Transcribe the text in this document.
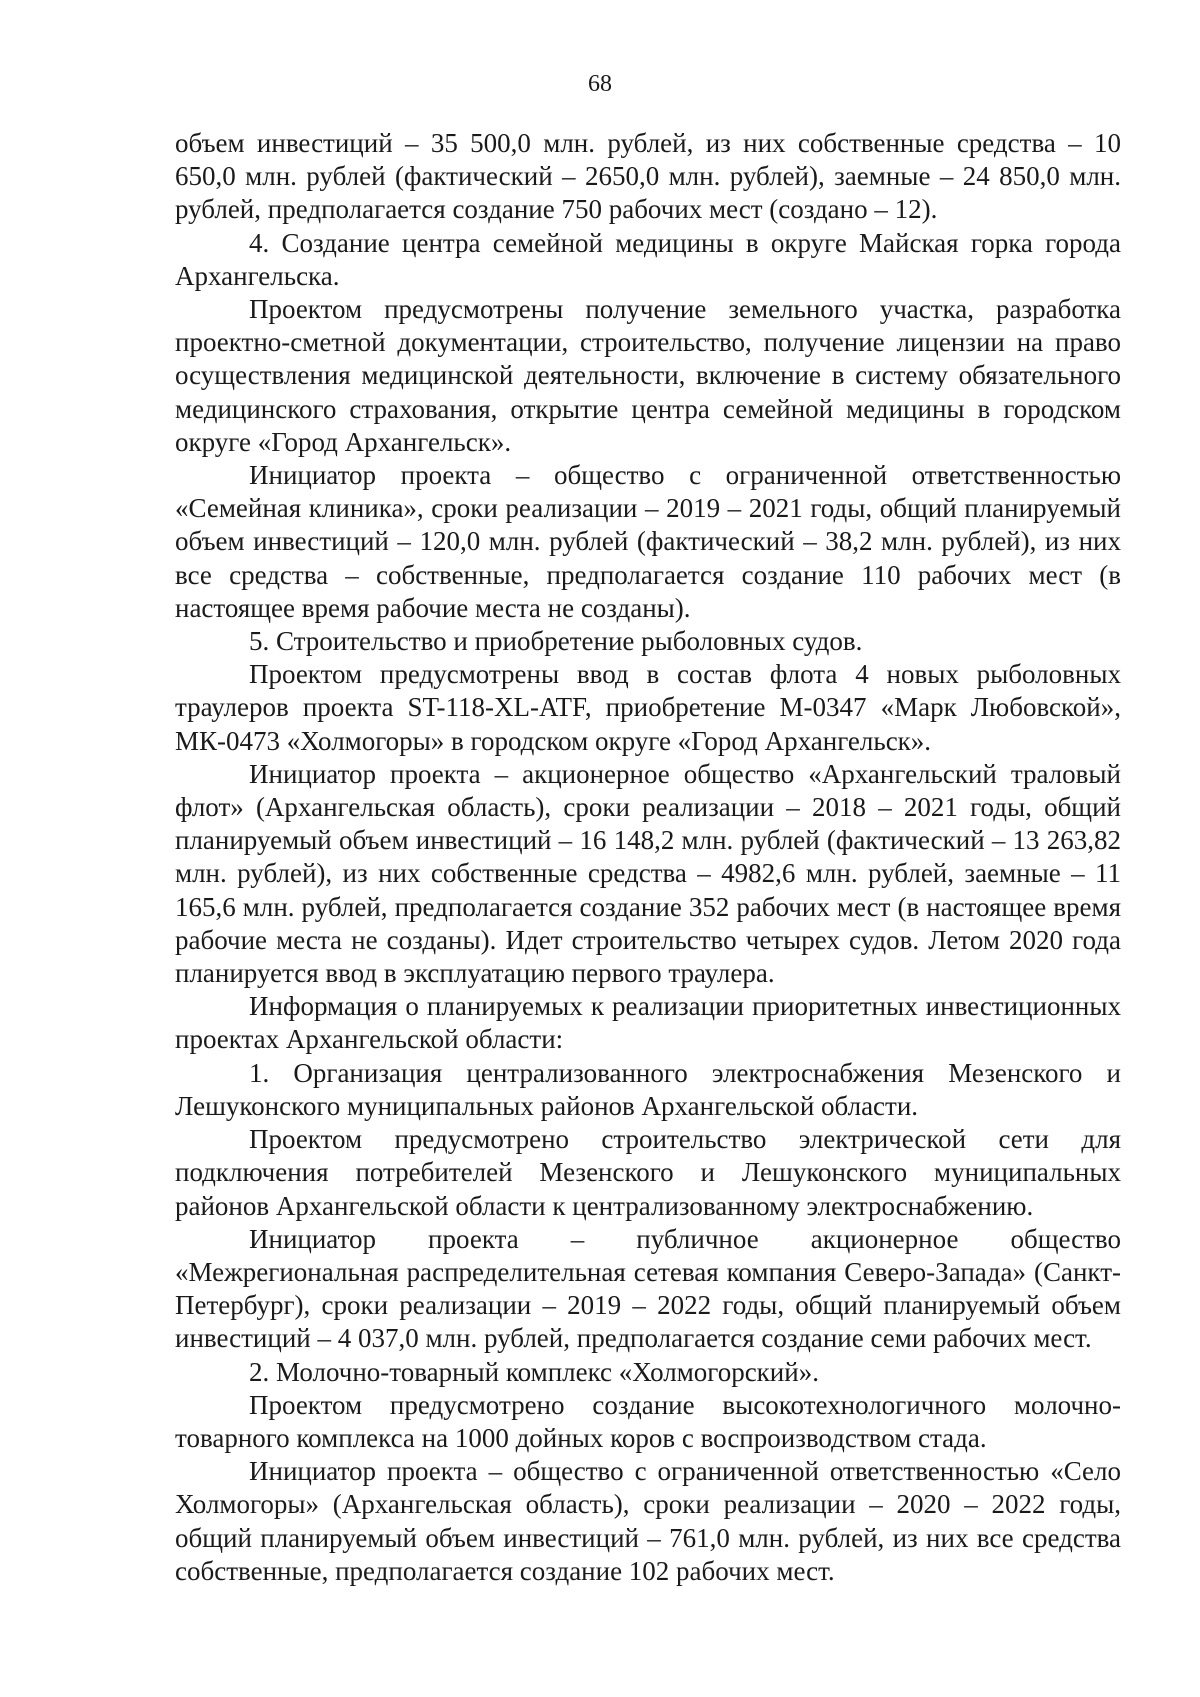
68

объем инвестиций – 35 500,0 млн. рублей, из них собственные средства – 10 650,0 млн. рублей (фактический – 2650,0 млн. рублей), заемные – 24 850,0 млн. рублей, предполагается создание 750 рабочих мест (создано – 12).

4. Создание центра семейной медицины в округе Майская горка города Архангельска.

Проектом предусмотрены получение земельного участка, разработка проектно-сметной документации, строительство, получение лицензии на право осуществления медицинской деятельности, включение в систему обязательного медицинского страхования, открытие центра семейной медицины в городском округе «Город Архангельск».

Инициатор проекта – общество с ограниченной ответственностью «Семейная клиника», сроки реализации – 2019 – 2021 годы, общий планируемый объем инвестиций – 120,0 млн. рублей (фактический – 38,2 млн. рублей), из них все средства – собственные, предполагается создание 110 рабочих мест (в настоящее время рабочие места не созданы).

5. Строительство и приобретение рыболовных судов.

Проектом предусмотрены ввод в состав флота 4 новых рыболовных траулеров проекта ST-118-XL-ATF, приобретение М-0347 «Марк Любовской», МК-0473 «Холмогоры» в городском округе «Город Архангельск».

Инициатор проекта – акционерное общество «Архангельский траловый флот» (Архангельская область), сроки реализации – 2018 – 2021 годы, общий планируемый объем инвестиций – 16 148,2 млн. рублей (фактический – 13 263,82 млн. рублей), из них собственные средства – 4982,6 млн. рублей, заемные – 11 165,6 млн. рублей, предполагается создание 352 рабочих мест (в настоящее время рабочие места не созданы). Идет строительство четырех судов. Летом 2020 года планируется ввод в эксплуатацию первого траулера.

Информация о планируемых к реализации приоритетных инвестиционных проектах Архангельской области:

1. Организация централизованного электроснабжения Мезенского и Лешуконского муниципальных районов Архангельской области.

Проектом предусмотрено строительство электрической сети для подключения потребителей Мезенского и Лешуконского муниципальных районов Архангельской области к централизованному электроснабжению.

Инициатор проекта – публичное акционерное общество «Межрегиональная распределительная сетевая компания Северо-Запада» (Санкт-Петербург), сроки реализации – 2019 – 2022 годы, общий планируемый объем инвестиций – 4 037,0 млн. рублей, предполагается создание семи рабочих мест.

2. Молочно-товарный комплекс «Холмогорский».

Проектом предусмотрено создание высокотехнологичного молочно-товарного комплекса на 1000 дойных коров с воспроизводством стада.

Инициатор проекта – общество с ограниченной ответственностью «Село Холмогоры» (Архангельская область), сроки реализации – 2020 – 2022 годы, общий планируемый объем инвестиций – 761,0 млн. рублей, из них все средства собственные, предполагается создание 102 рабочих мест.
